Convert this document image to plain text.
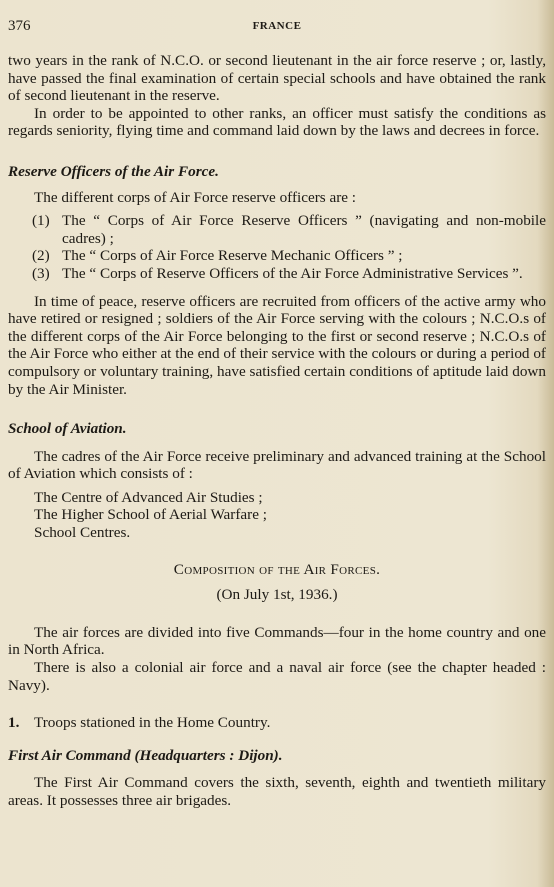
376	FRANCE

two years in the rank of N.C.O. or second lieutenant in the air force reserve ; or, lastly, have passed the final examination of certain special schools and have obtained the rank of second lieutenant in the reserve.

In order to be appointed to other ranks, an officer must satisfy the conditions as regards seniority, flying time and command laid down by the laws and decrees in force.

Reserve Officers of the Air Force.

The different corps of Air Force reserve officers are :

(1) The “ Corps of Air Force Reserve Officers ” (navigating and non-mobile cadres) ;
(2) The “ Corps of Air Force Reserve Mechanic Officers ” ;
(3) The “ Corps of Reserve Officers of the Air Force Administrative Services ”.

In time of peace, reserve officers are recruited from officers of the active army who have retired or resigned ; soldiers of the Air Force serving with the colours ; N.C.O.s of the different corps of the Air Force belonging to the first or second reserve ; N.C.O.s of the Air Force who either at the end of their service with the colours or during a period of compulsory or voluntary training, have satisfied certain conditions of aptitude laid down by the Air Minister.

School of Aviation.

The cadres of the Air Force receive preliminary and advanced training at the School of Aviation which consists of :

The Centre of Advanced Air Studies ;
The Higher School of Aerial Warfare ;
School Centres.

Composition of the Air Forces.

(On July 1st, 1936.)

The air forces are divided into five Commands—four in the home country and one in North Africa.

There is also a colonial air force and a naval air force (see the chapter headed : Navy).

1. Troops stationed in the Home Country.

First Air Command (Headquarters : Dijon).

The First Air Command covers the sixth, seventh, eighth and twentieth military areas. It possesses three air brigades.
